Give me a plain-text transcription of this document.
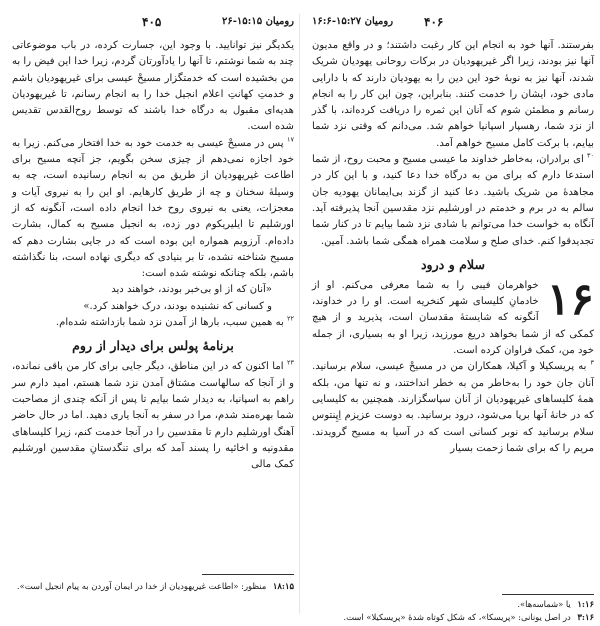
۴۰۵	رومیان ۱۵:۱۵-۲۶

یکدیگر نیز توانایید. با وجود این، جسارت کرده، در باب موضوعاتی چند به شما نوشتم، تا آنها را یادآورتان گردم، زیرا خدا این فیض را به من بخشیده است که خدمتگزار مسیحْ عیسی برای غیریهودیان باشم و خدمتِ کهانتِ اعلام انجیل خدا را به انجام رسانم، تا غیریهودیان هدیه‌ای مقبول به درگاه خدا باشند که توسط روح‌القدس تقدیس شده است.

$^{۱۷}$ پس در مسیحْ عیسی به خدمت خود به خدا افتخار می‌کنم. زیرا به خود اجازه نمی‌دهم از چیزی سخن بگویم، جز آنچه مسیح برای اطاعت غیریهودیان از طریق من به انجام رسانیده است، چه به وسیلهٔ سخنان و چه از طریق کارهایم. او این را به نیروی آیات و معجزات، یعنی به نیروی روح خدا انجام داده است، آنگونه که از اورشلیم تا ایلیریکوم دور زده، به انجیل مسیح به کمال، بشارت داده‌ام. آرزویم همواره این بوده است که در جایی بشارت دهم که مسیح شناخته نشده، تا بر بنیادی که دیگری نهاده است، بنا نگذاشته باشم، بلکه چنانکه نوشته شده است:

«آنان که از او بی‌خبر بودند، خواهند دید

و کسانی که نشنیده بودند، درک خواهند کرد.»

$^{۲۲}$ به همین سبب، بارها از آمدن نزد شما بازداشته شده‌ام.

برنامهٔ پولس برای دیدار از روم

$^{۲۳}$ اما اکنون که در این مناطق، دیگر جایی برای کار من باقی نمانده، و از آنجا که سالهاست مشتاق آمدن نزد شما هستم، امید دارم سر راهم به اسپانیا، به دیدار شما بیایم تا پس از آنکه چندی از مصاحبت شما بهره‌مند شدم، مرا در سفر به آنجا یاری دهید. اما در حال حاضر آهنگ اورشلیم دارم تا مقدسین را در آنجا خدمت کنم، زیرا کلیساهای مقدونیه و اخائیه را پسند آمد که برای تنگدستانِ مقدسین اورشلیم کمک مالی

۱۸:۱۵ منظور: «اطاعت غیریهودیان از خدا در ایمان آوردن به پیام انجیل است».
رومیان ۱۵:۲۷-۱۶:۶	۴۰۶

بفرستند. آنها خود به انجام این کار رغبت داشتند؛ و در واقع مدیون آنها نیز بودند، زیرا اگر غیریهودیان در برکات روحانی یهودیان شریک شدند، آنها نیز به نوبهٔ خود این دین را به یهودیان دارند که با دارایی مادی خود، ایشان را خدمت کنند. بنابراین، چون این کار را به انجام رسانم و مطمئن شوم که آنان این ثمره را دریافت کرده‌اند، با گذر از نزد شما، رهسپار اسپانیا خواهم شد. می‌دانم که وقتی نزد شما بیایم، با برکت کامل مسیح خواهم آمد.

$^{۳۰}$ ای برادران، به‌خاطر خداوند ما عیسی مسیح و محبت روح، از شما استدعا دارم که برای من به درگاه خدا دعا کنید، و با این کار در مجاهدهٔ من شریک باشید. دعا کنید از گزند بی‌ایمانان یهودیه جان سالم به در برم و خدمتم در اورشلیم نزد مقدسین آنجا پذیرفته آید. آنگاه به خواست خدا می‌توانم با شادی نزد شما بیایم تا در کنار شما تجدیدقوا کنم. خدای صلح و سلامت همراه همگی شما باشد. آمین.

سلام و درود

۱۶
خواهرمان فیبی را به شما معرفی می‌کنم. او از خادمانِ کلیسای شهر کنخریه است. او را در خداوند، آنگونه که شایستهٔ مقدسان است، پذیرید و از هیچ کمکی که از شما بخواهد دریغ مورزید، زیرا او به بسیاری، از جمله خود من، کمک فراوان کرده است.

$^۳$ به پریسکیلا و آکیلا، همکاران من در مسیحْ عیسی، سلام برسانید. آنان جان خود را به‌خاطر من به خطر انداختند، و نه تنها من، بلکه همهٔ کلیساهای غیریهودیان از آنان سپاسگزارند. همچنین به کلیسایی که در خانهٔ آنها برپا می‌شود، درود برسانید. به دوست عزیزم اِپِنتوس سلام برسانید که نوبر کسانی است که در آسیا به مسیح گرویدند. مریم را که برای شما زحمت بسیار

۱:۱۶ یا «شماسه‌ها».
۳:۱۶ در اصل یونانی: «پریسکا»، که شکل کوتاه شدهٔ «پریسکیلا» است.
